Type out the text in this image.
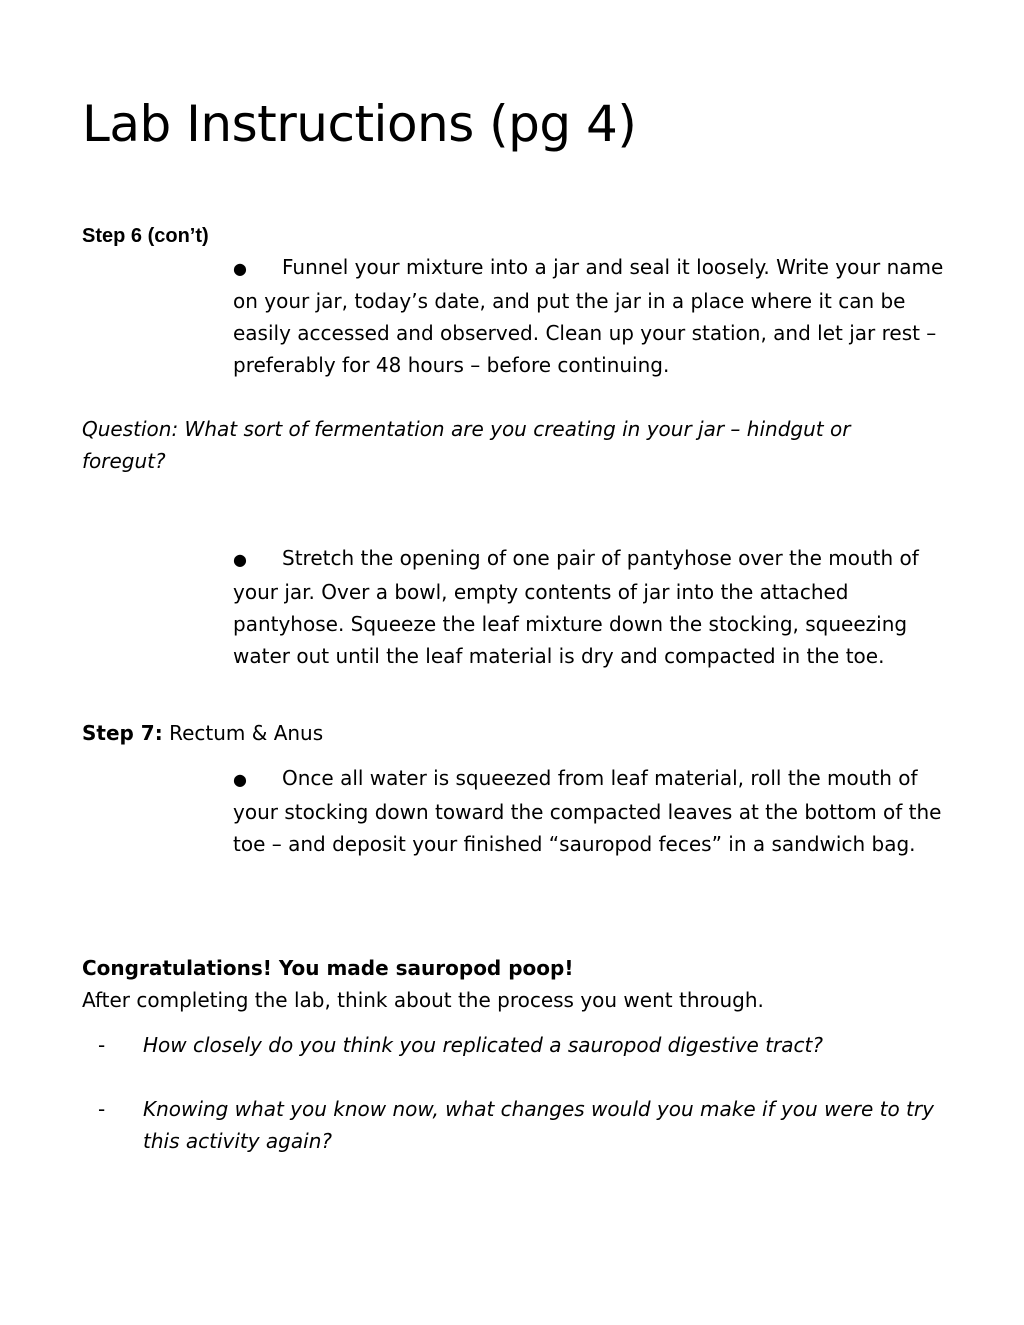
Lab Instructions (pg 4)
Step 6 (con’t)

● Funnel your mixture into a jar and seal it loosely. Write your name on your jar, today’s date, and put the jar in a place where it can be easily accessed and observed. Clean up your station, and let jar rest – preferably for 48 hours – before continuing.

Question: What sort of fermentation are you creating in your jar – hindgut or foregut?

● Stretch the opening of one pair of pantyhose over the mouth of your jar. Over a bowl, empty contents of jar into the attached pantyhose. Squeeze the leaf mixture down the stocking, squeezing water out until the leaf material is dry and compacted in the toe.

Step 7: Rectum & Anus

● Once all water is squeezed from leaf material, roll the mouth of your stocking down toward the compacted leaves at the bottom of the toe – and deposit your finished “sauropod feces” in a sandwich bag.

Congratulations! You made sauropod poop!
After completing the lab, think about the process you went through.
- How closely do you think you replicated a sauropod digestive tract?
- Knowing what you know now, what changes would you make if you were to try this activity again?
